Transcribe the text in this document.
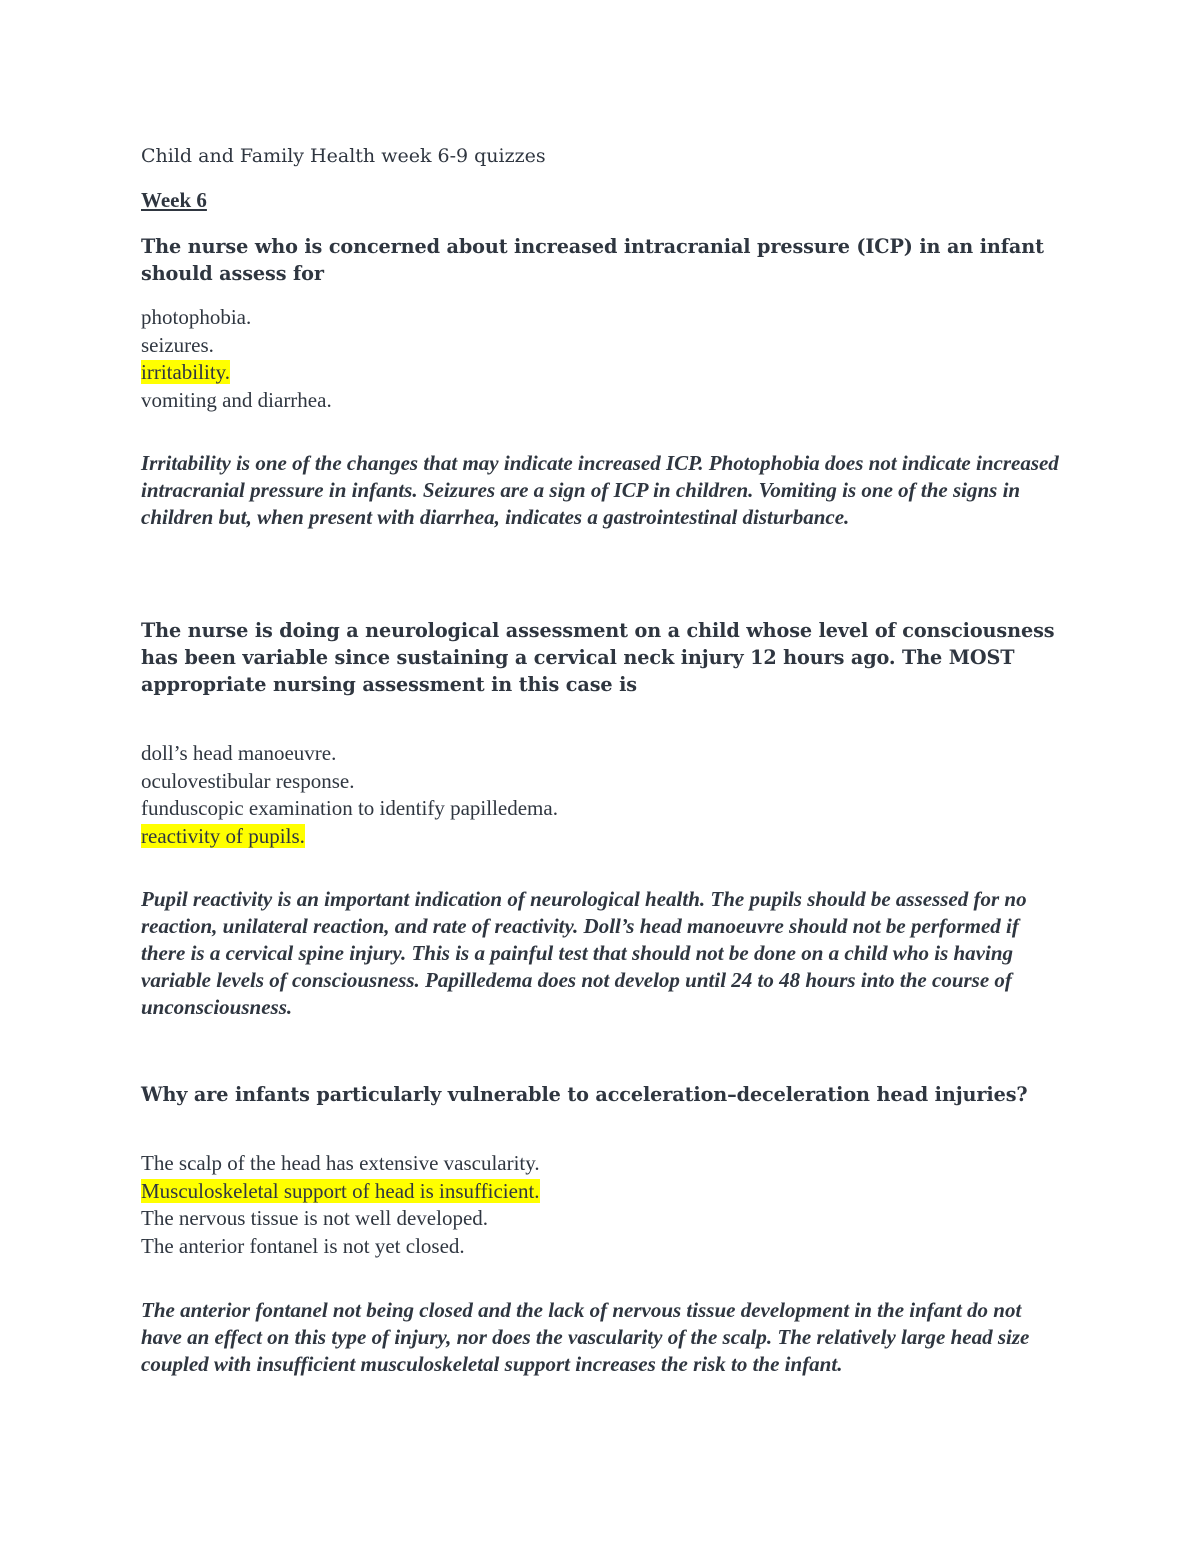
Child and Family Health week 6-9 quizzes

Week 6

The nurse who is concerned about increased intracranial pressure (ICP) in an infant should assess for

photophobia.
seizures.
irritability.
vomiting and diarrhea.

Irritability is one of the changes that may indicate increased ICP. Photophobia does not indicate increased intracranial pressure in infants. Seizures are a sign of ICP in children. Vomiting is one of the signs in children but, when present with diarrhea, indicates a gastrointestinal disturbance.

The nurse is doing a neurological assessment on a child whose level of consciousness has been variable since sustaining a cervical neck injury 12 hours ago. The MOST appropriate nursing assessment in this case is

doll’s head manoeuvre.
oculovestibular response.
funduscopic examination to identify papilledema.
reactivity of pupils.

Pupil reactivity is an important indication of neurological health. The pupils should be assessed for no reaction, unilateral reaction, and rate of reactivity. Doll’s head manoeuvre should not be performed if there is a cervical spine injury. This is a painful test that should not be done on a child who is having variable levels of consciousness. Papilledema does not develop until 24 to 48 hours into the course of unconsciousness.

Why are infants particularly vulnerable to acceleration–deceleration head injuries?

The scalp of the head has extensive vascularity.
Musculoskeletal support of head is insufficient.
The nervous tissue is not well developed.
The anterior fontanel is not yet closed.

The anterior fontanel not being closed and the lack of nervous tissue development in the infant do not have an effect on this type of injury, nor does the vascularity of the scalp. The relatively large head size coupled with insufficient musculoskeletal support increases the risk to the infant.
